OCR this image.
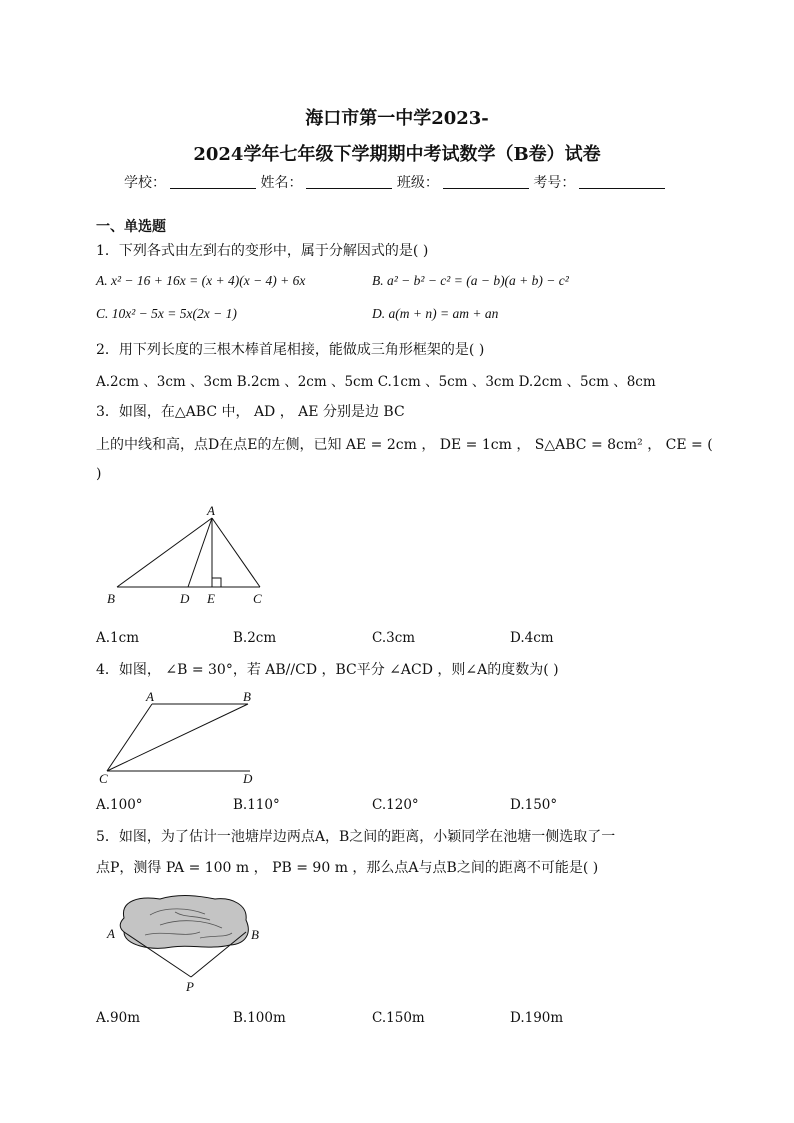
海口市第一中学2023-
2024学年七年级下学期期中考试数学（B卷）试卷
学校：	姓名：	班级：	考号：
一、单选题
1．下列各式由左到右的变形中，属于分解因式的是( )
A. x² − 16 + 16x = (x + 4)(x − 4) + 6x	B. a² − b² − c² = (a − b)(a + b) − c²
C. 10x² − 5x = 5x(2x − 1)	D. a(m + n) = am + an
2．用下列长度的三根木棒首尾相接，能做成三角形框架的是( )
A.2cm 、3cm 、3cm B.2cm 、2cm 、5cm C.1cm 、5cm 、3cm D.2cm 、5cm 、8cm
3．如图，在△ABC 中， AD ， AE 分别是边 BC
上的中线和高，点D在点E的左侧，已知 AE = 2cm ， DE = 1cm ， S△ABC = 8cm² ， CE = (
)
A
B	D E	C
A.1cm	B.2cm	C.3cm	D.4cm
4．如图， ∠B = 30°，若 AB//CD ，BC平分 ∠ACD ，则∠A的度数为( )
A	B
C	D
A.100°	B.110°	C.120°	D.150°
5．如图，为了估计一池塘岸边两点A，B之间的距离，小颖同学在池塘一侧选取了一
点P，测得 PA = 100 m ， PB = 90 m ，那么点A与点B之间的距离不可能是( )
A	B
P
A.90m	B.100m	C.150m	D.190m
